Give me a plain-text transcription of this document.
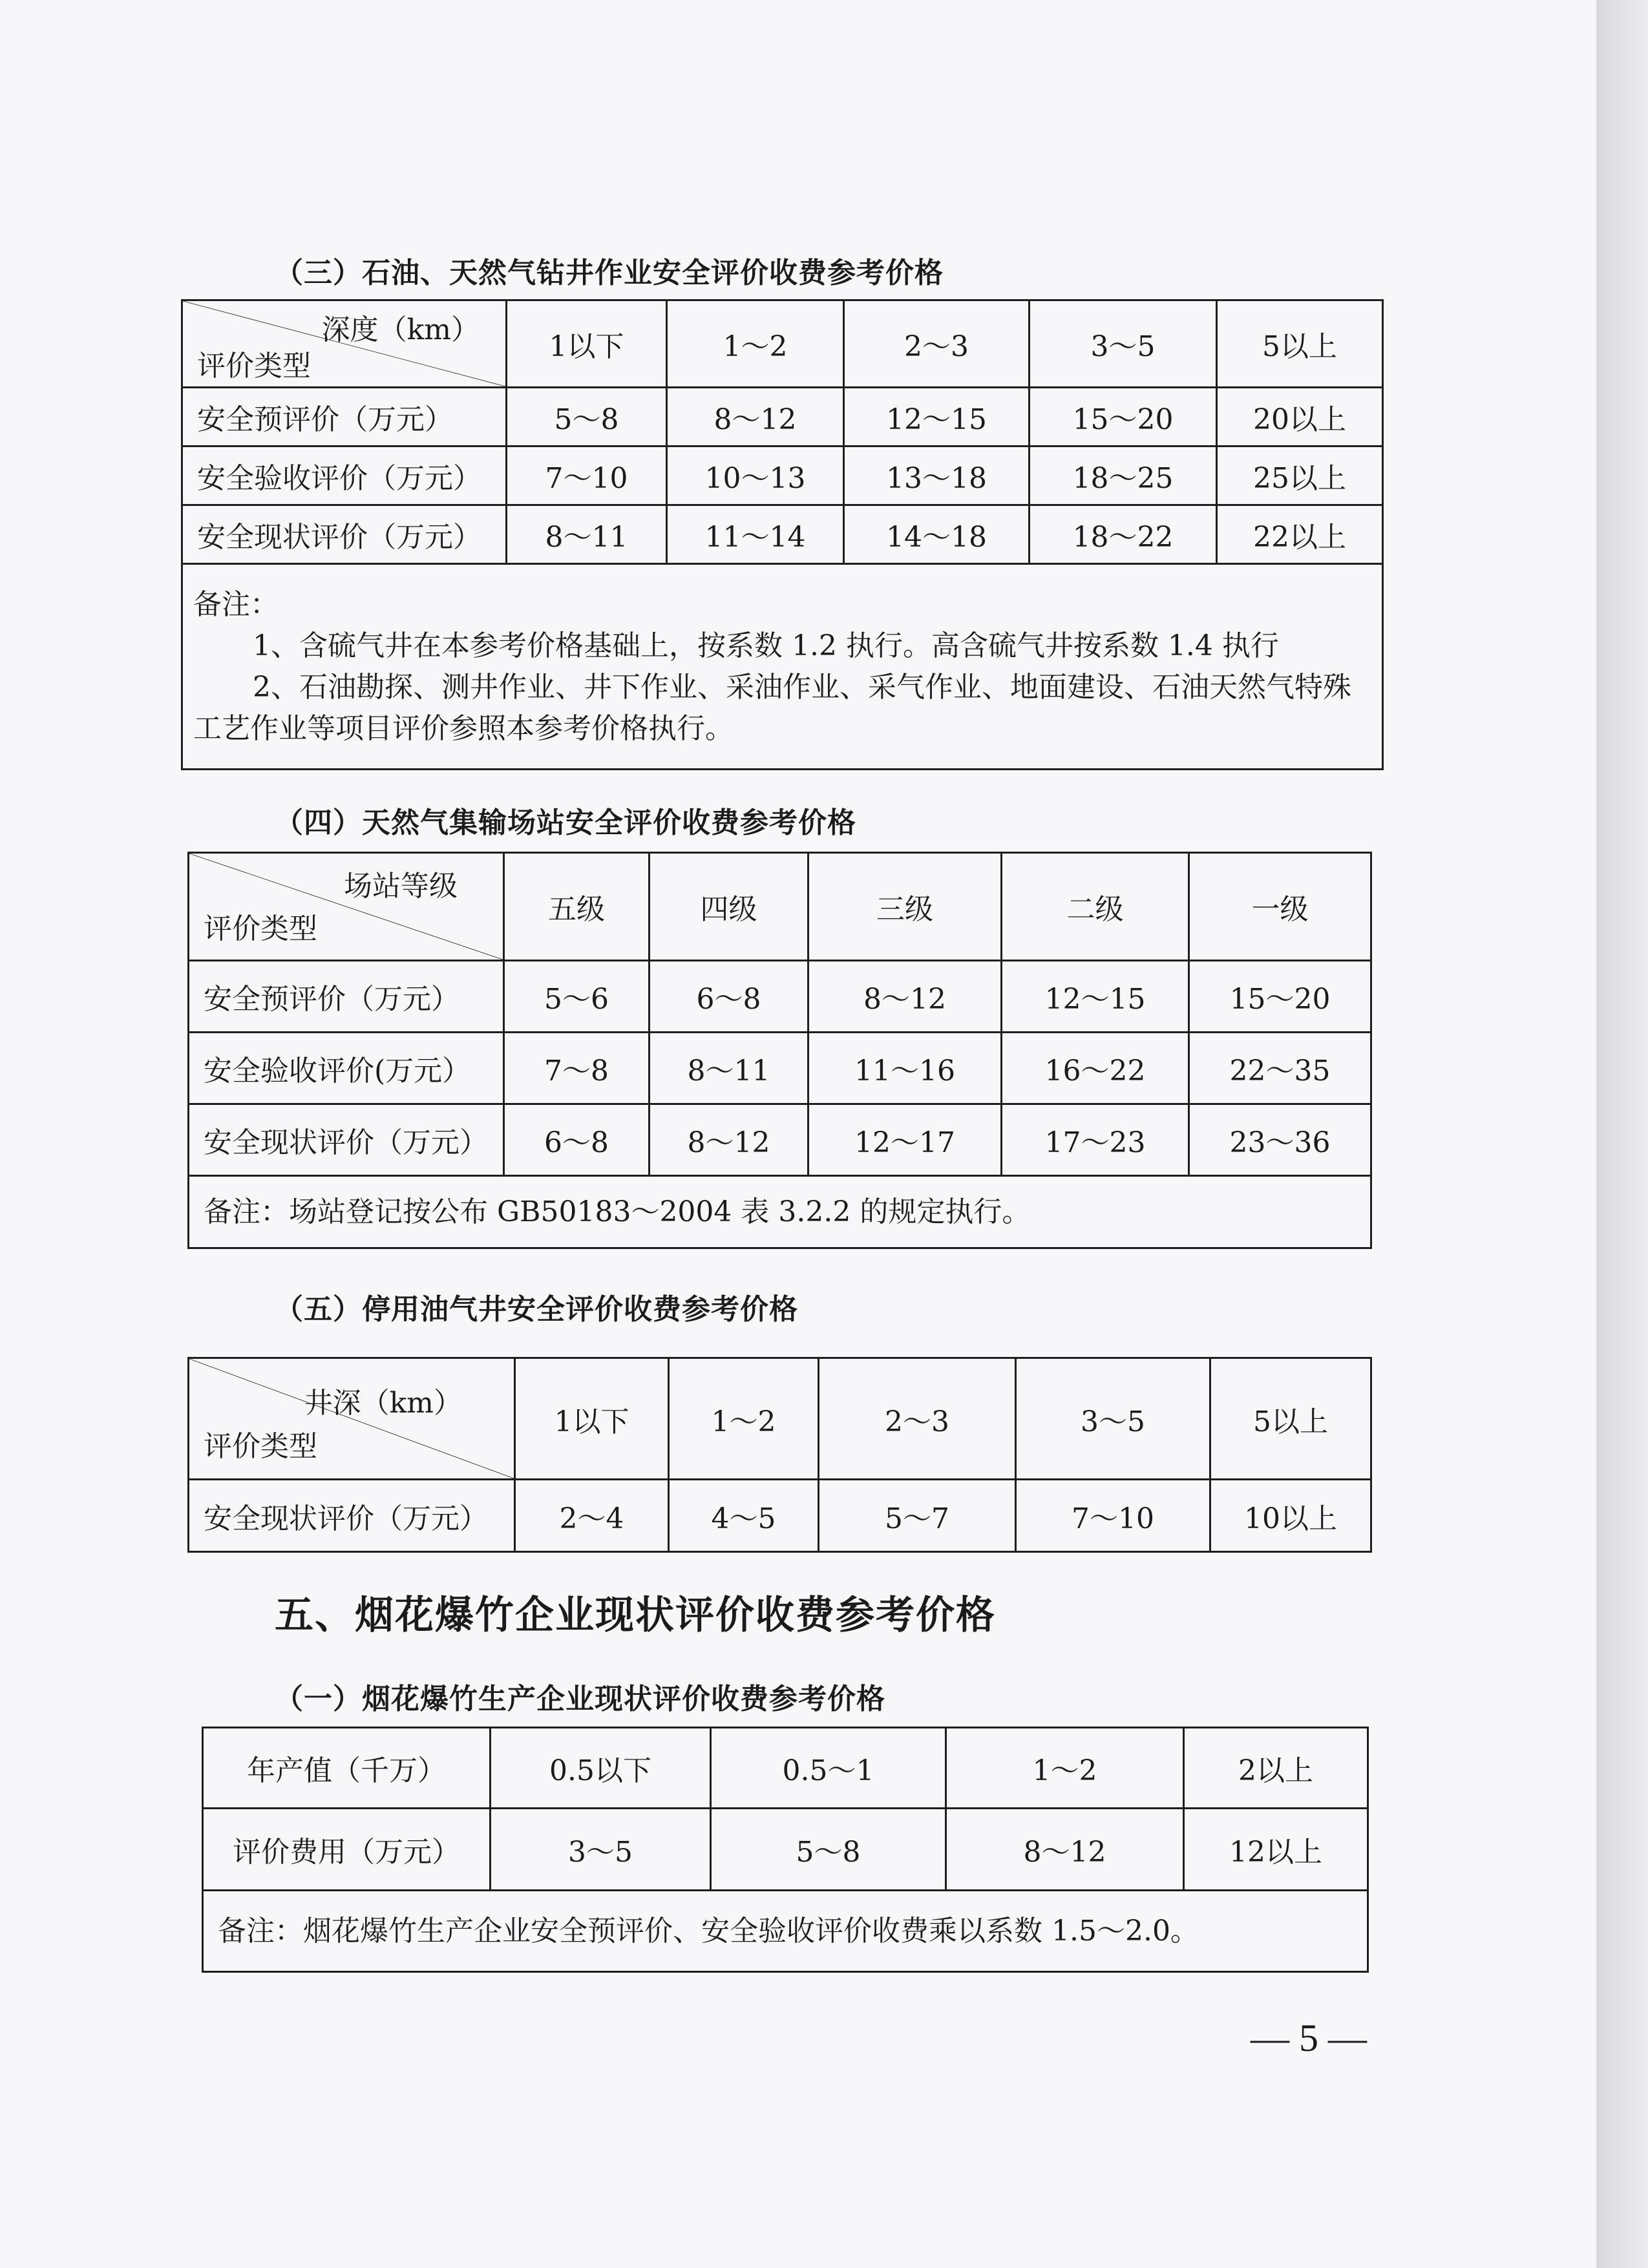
（三）石油、天然气钻井作业安全评价收费参考价格
深度（km）
评价类型	1以下	1～2	2～3	3～5	5以上
安全预评价（万元）	5～8	8～12	12～15	15～20	20以上
安全验收评价（万元）	7～10	10～13	13～18	18～25	25以上
安全现状评价（万元）	8～11	11～14	14～18	18～22	22以上

备注：
1、含硫气井在本参考价格基础上，按系数 1.2 执行。高含硫气井按系数 1.4 执行
2、石油勘探、测井作业、井下作业、采油作业、采气作业、地面建设、石油天然气特殊工艺作业等项目评价参照本参考价格执行。					
（四）天然气集输场站安全评价收费参考价格
场站等级
评价类型	五级	四级	三级	二级	一级
安全预评价（万元）	5～6	6～8	8～12	12～15	15～20
安全验收评价(万元）	7～8	8～11	11～16	16～22	22～35
安全现状评价（万元）	6～8	8～12	12～17	17～23	23～36
备注：场站登记按公布 GB50183～2004 表 3.2.2 的规定执行。					
（五）停用油气井安全评价收费参考价格
井深（km）
评价类型	1以下	1～2	2～3	3～5	5以上
安全现状评价（万元）	2～4	4～5	5～7	7～10	10以上
五、烟花爆竹企业现状评价收费参考价格
（一）烟花爆竹生产企业现状评价收费参考价格
年产值（千万）	0.5以下	0.5～1	1～2	2以上
评价费用（万元）	3～5	5～8	8～12	12以上
备注：烟花爆竹生产企业安全预评价、安全验收评价收费乘以系数 1.5～2.0。				
— 5 —
